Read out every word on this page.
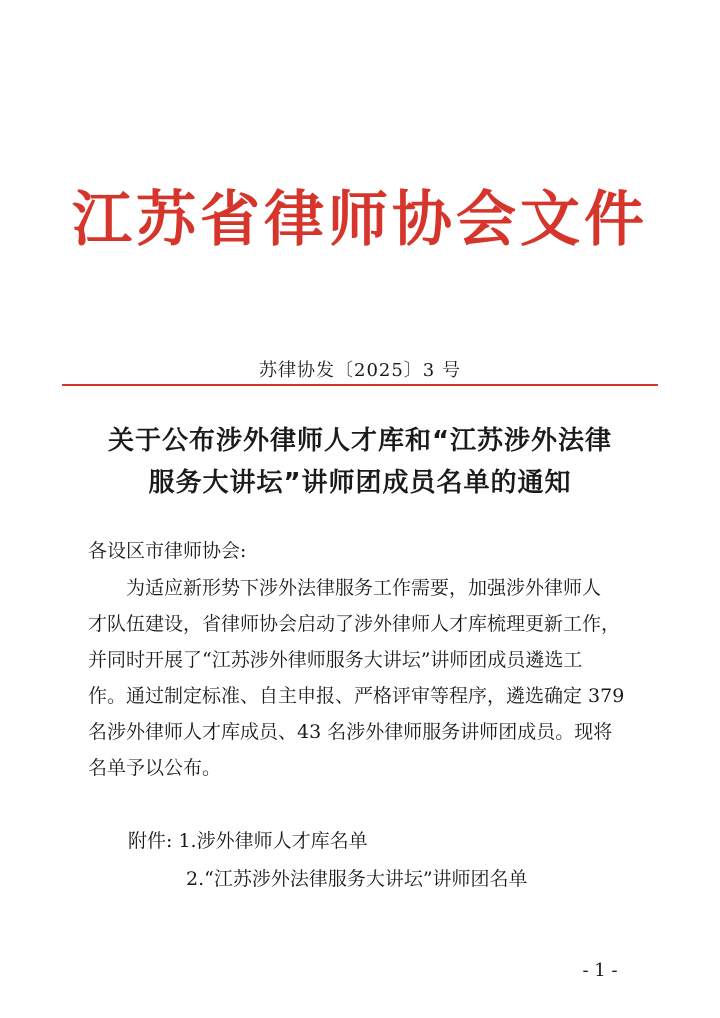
江苏省律师协会文件
苏律协发〔2025〕3 号
关于公布涉外律师人才库和“江苏涉外法律
服务大讲坛”讲师团成员名单的通知
各设区市律师协会:
为适应新形势下涉外法律服务工作需要，加强涉外律师人
才队伍建设，省律师协会启动了涉外律师人才库梳理更新工作，
并同时开展了“江苏涉外律师服务大讲坛”讲师团成员遴选工
作。通过制定标准、自主申报、严格评审等程序，遴选确定 379
名涉外律师人才库成员、43 名涉外律师服务讲师团成员。现将
名单予以公布。
附件: 1.涉外律师人才库名单
2.“江苏涉外法律服务大讲坛”讲师团名单
- 1 -
